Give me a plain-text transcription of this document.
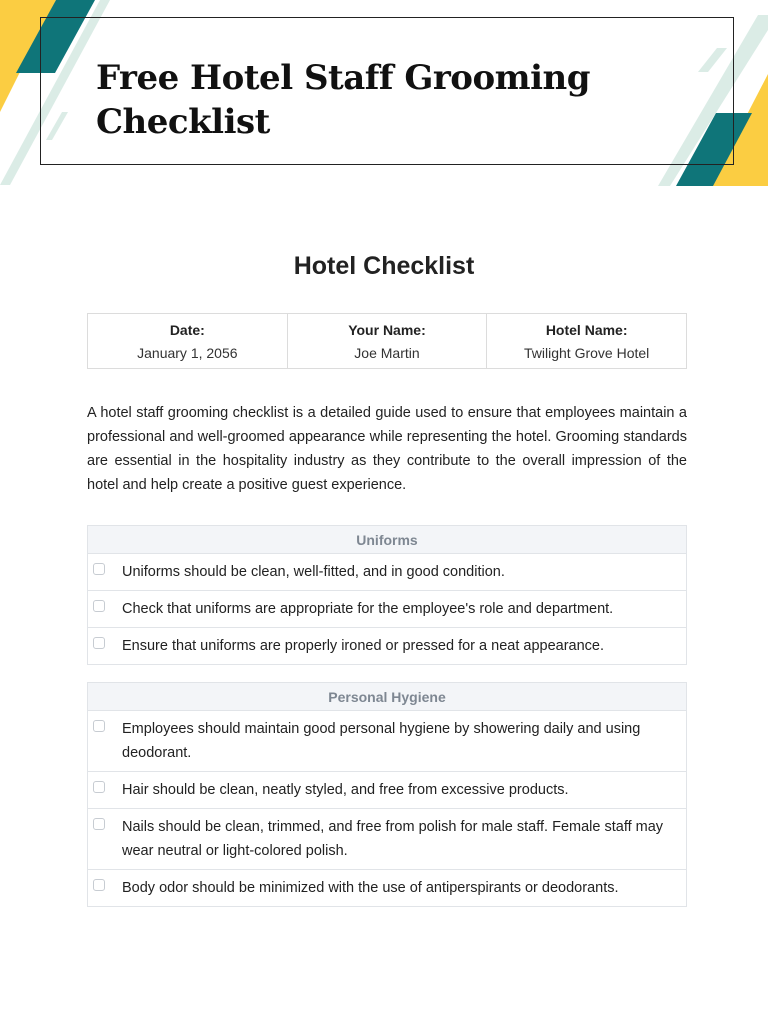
Free Hotel Staff Grooming Checklist
Hotel Checklist
Date:
January 1, 2056

Your Name:
Joe Martin

Hotel Name:
Twilight Grove Hotel

A hotel staff grooming checklist is a detailed guide used to ensure that employees maintain a professional and well-groomed appearance while representing the hotel. Grooming standards are essential in the hospitality industry as they contribute to the overall impression of the hotel and help create a positive guest experience.

Uniforms
Uniforms should be clean, well-fitted, and in good condition.
Check that uniforms are appropriate for the employee's role and department.
Ensure that uniforms are properly ironed or pressed for a neat appearance.
Personal Hygiene
Employees should maintain good personal hygiene by showering daily and using deodorant.
Hair should be clean, neatly styled, and free from excessive products.
Nails should be clean, trimmed, and free from polish for male staff. Female staff may wear neutral or light-colored polish.
Body odor should be minimized with the use of antiperspirants or deodorants.
